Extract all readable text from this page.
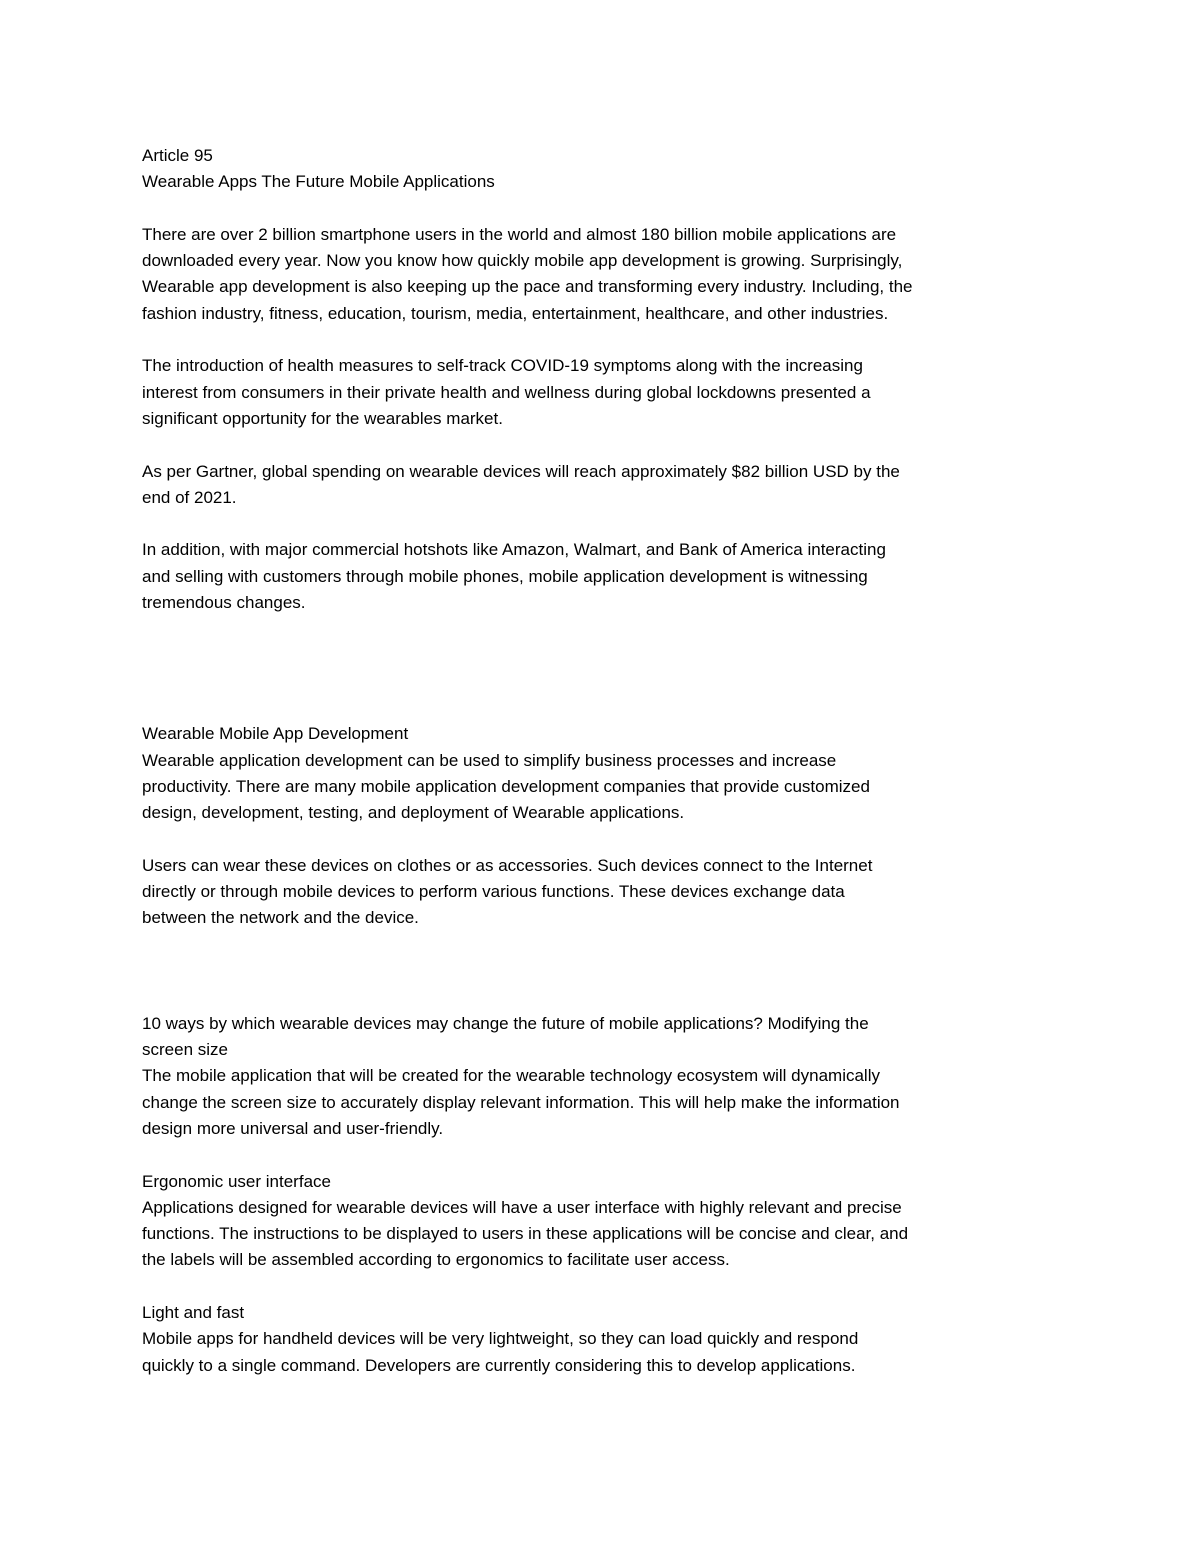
Article 95
Wearable Apps The Future Mobile Applications

There are over 2 billion smartphone users in the world and almost 180 billion mobile applications are
downloaded every year. Now you know how quickly mobile app development is growing. Surprisingly,
Wearable app development is also keeping up the pace and transforming every industry. Including, the
fashion industry, fitness, education, tourism, media, entertainment, healthcare, and other industries.
The introduction of health measures to self-track COVID-19 symptoms along with the increasing
interest from consumers in their private health and wellness during global lockdowns presented a
significant opportunity for the wearables market.
As per Gartner, global spending on wearable devices will reach approximately $82 billion USD by the
end of 2021.
In addition, with major commercial hotshots like Amazon, Walmart, and Bank of America interacting
and selling with customers through mobile phones, mobile application development is witnessing
tremendous changes.
Wearable Mobile App Development
Wearable application development can be used to simplify business processes and increase
productivity. There are many mobile application development companies that provide customized
design, development, testing, and deployment of Wearable applications.
Users can wear these devices on clothes or as accessories. Such devices connect to the Internet
directly or through mobile devices to perform various functions. These devices exchange data
between the network and the device.
10 ways by which wearable devices may change the future of mobile applications? Modifying the
screen size
The mobile application that will be created for the wearable technology ecosystem will dynamically
change the screen size to accurately display relevant information. This will help make the information
design more universal and user-friendly.
Ergonomic user interface
Applications designed for wearable devices will have a user interface with highly relevant and precise
functions. The instructions to be displayed to users in these applications will be concise and clear, and
the labels will be assembled according to ergonomics to facilitate user access.
Light and fast
Mobile apps for handheld devices will be very lightweight, so they can load quickly and respond
quickly to a single command. Developers are currently considering this to develop applications.
